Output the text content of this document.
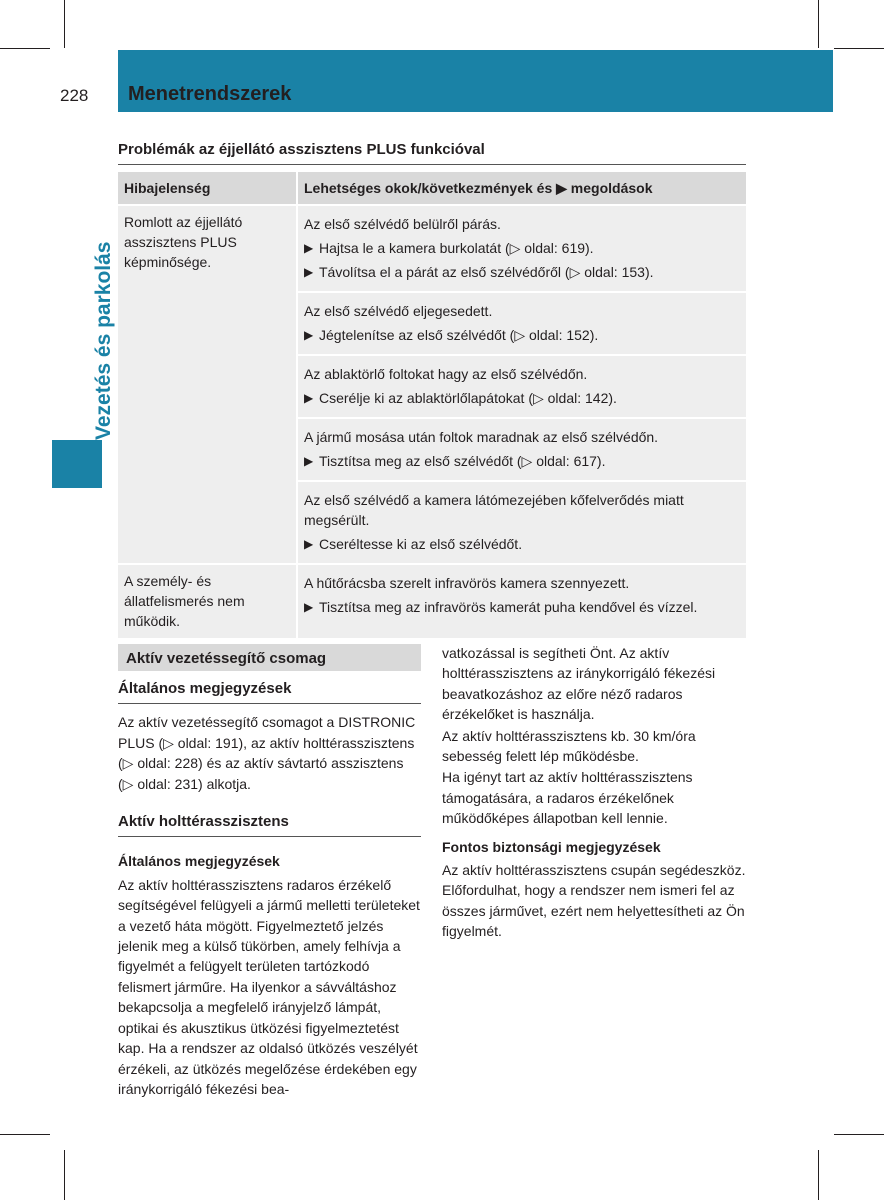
228	Menetrendszerek
Vezetés és parkolás
Problémák az éjjellátó asszisztens PLUS funkcióval
Hibajelenség	Lehetséges okok/következmények és ▶ megoldások
Romlott az éjjellátó asszisztens PLUS képminősége.	Az első szélvédő belülről párás.
▶ Hajtsa le a kamera burkolatát (▷ oldal: 619).
▶ Távolítsa el a párát az első szélvédőről (▷ oldal: 153).

	Az első szélvédő eljegesedett.
▶ Jégtelenítse az első szélvédőt (▷ oldal: 152).

	Az ablaktörlő foltokat hagy az első szélvédőn.
▶ Cserélje ki az ablaktörlőlapátokat (▷ oldal: 142).

	A jármű mosása után foltok maradnak az első szélvédőn.
▶ Tisztítsa meg az első szélvédőt (▷ oldal: 617).

	Az első szélvédő a kamera látómezejében kőfelverődés miatt megsérült.
▶ Cseréltesse ki az első szélvédőt.

A személy- és állatfelismerés nem működik.	A hűtőrácsba szerelt infravörös kamera szennyezett.
▶ Tisztítsa meg az infravörös kamerát puha kendővel és vízzel.
Aktív vezetéssegítő csomag
Általános megjegyzések

Az aktív vezetéssegítő csomagot a DISTRONIC PLUS (▷ oldal: 191), az aktív holttérasszisztens (▷ oldal: 228) és az aktív sávtartó asszisztens (▷ oldal: 231) alkotja.

Aktív holttérasszisztens
Általános megjegyzések

Az aktív holttérasszisztens radaros érzékelő segítségével felügyeli a jármű melletti területeket a vezető háta mögött. Figyelmeztető jelzés jelenik meg a külső tükörben, amely felhívja a figyelmét a felügyelt területen tartózkodó felismert járműre. Ha ilyenkor a sávváltáshoz bekapcsolja a megfelelő irányjelző lámpát, optikai és akusztikus ütközési figyelmeztetést kap. Ha a rendszer az oldalsó ütközés veszélyét érzékeli, az ütközés megelőzése érdekében egy iránykorrigáló fékezési bea-

vatkozással is segítheti Önt. Az aktív holttérasszisztens az iránykorrigáló fékezési beavatkozáshoz az előre néző radaros érzékelőket is használja.

Az aktív holttérasszisztens kb. 30 km/óra sebesség felett lép működésbe.

Ha igényt tart az aktív holttérasszisztens támogatására, a radaros érzékelőnek működőképes állapotban kell lennie.

Fontos biztonsági megjegyzések

Az aktív holttérasszisztens csupán segédeszköz. Előfordulhat, hogy a rendszer nem ismeri fel az összes járművet, ezért nem helyettesítheti az Ön figyelmét.
